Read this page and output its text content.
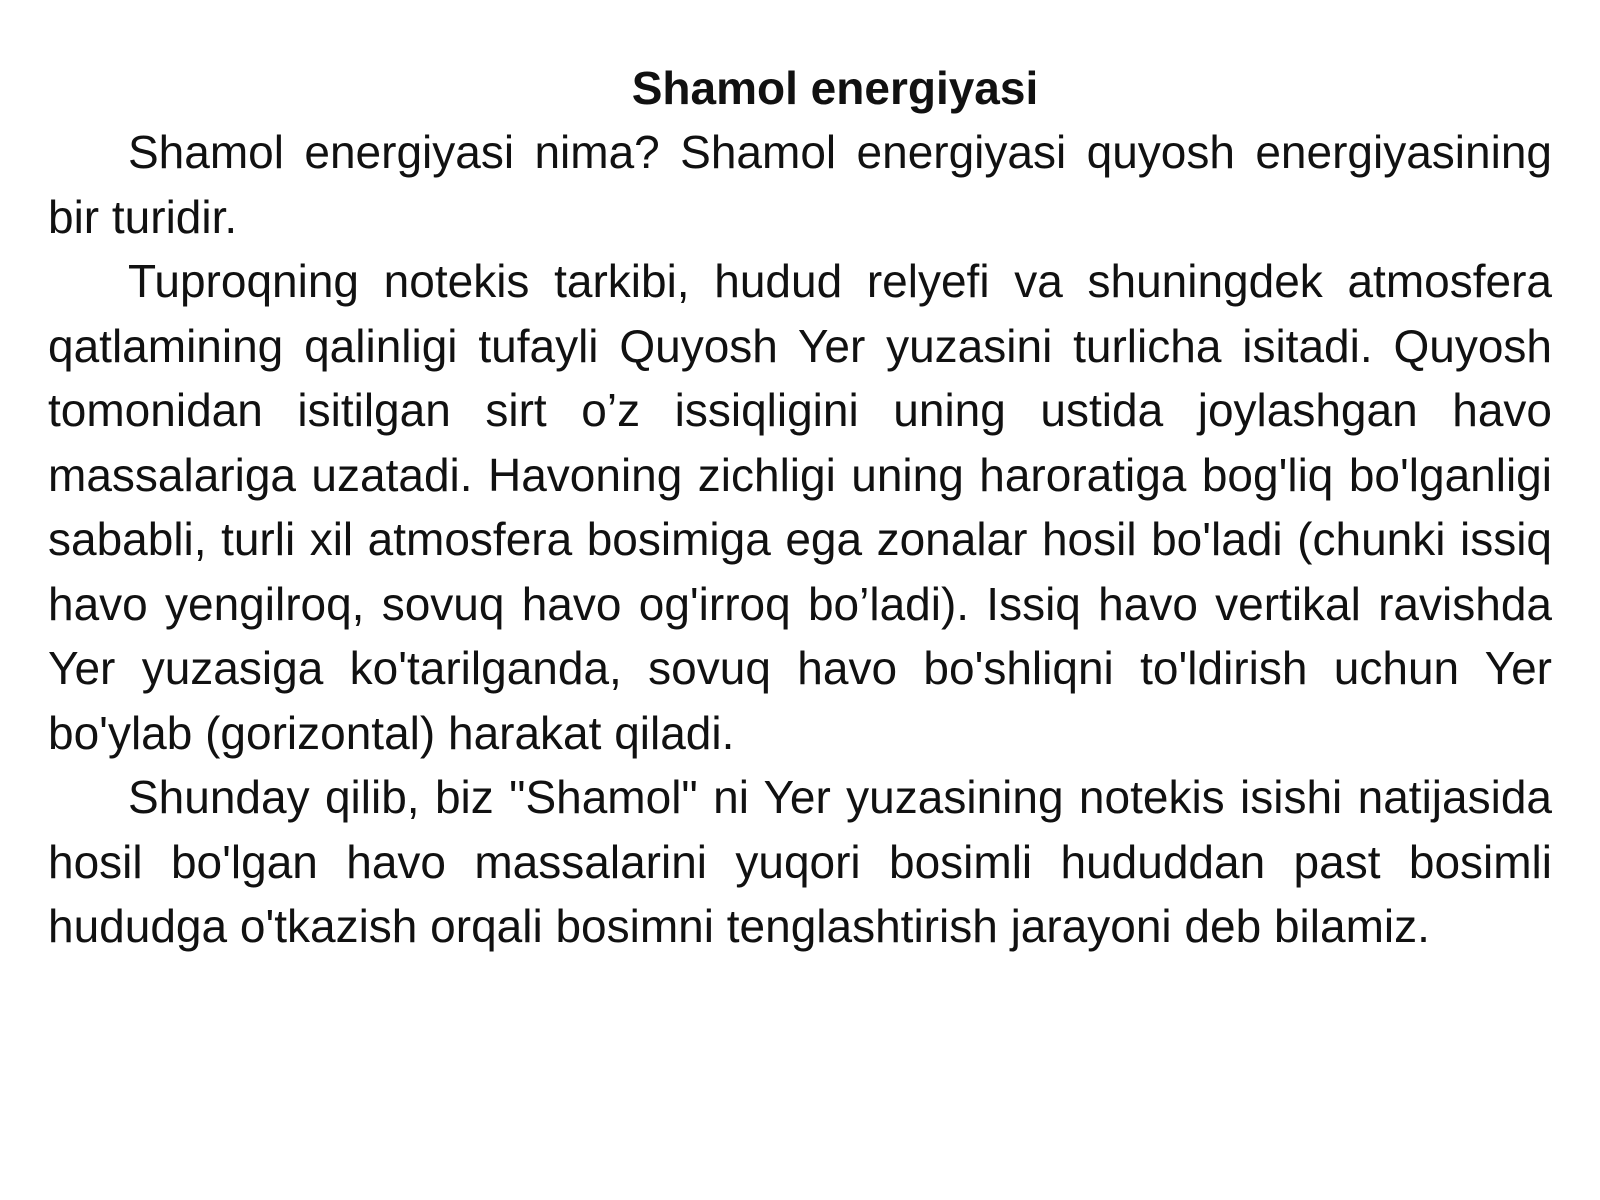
Shamol energiyasi

Shamol energiyasi nima? Shamol energiyasi quyosh energiyasining bir turidir.

Tuproqning notekis tarkibi, hudud relyefi va shuningdek atmosfera qatlamining qalinligi tufayli Quyosh Yer yuzasini turlicha isitadi. Quyosh tomonidan isitilgan sirt o’z issiqligini uning ustida joylashgan havo massalariga uzatadi. Havoning zichligi uning haroratiga bog'liq bo'lganligi sababli, turli xil atmosfera bosimiga ega zonalar hosil bo'ladi (chunki issiq havo yengilroq, sovuq havo og'irroq bo’ladi). Issiq havo vertikal ravishda Yer yuzasiga ko'tarilganda, sovuq havo bo'shliqni to'ldirish uchun Yer bo'ylab (gorizontal) harakat qiladi.

Shunday qilib, biz "Shamol" ni Yer yuzasining notekis isishi natijasida hosil bo'lgan havo massalarini yuqori bosimli hududdan past bosimli hududga o'tkazish orqali bosimni tenglashtirish jarayoni deb bilamiz.
